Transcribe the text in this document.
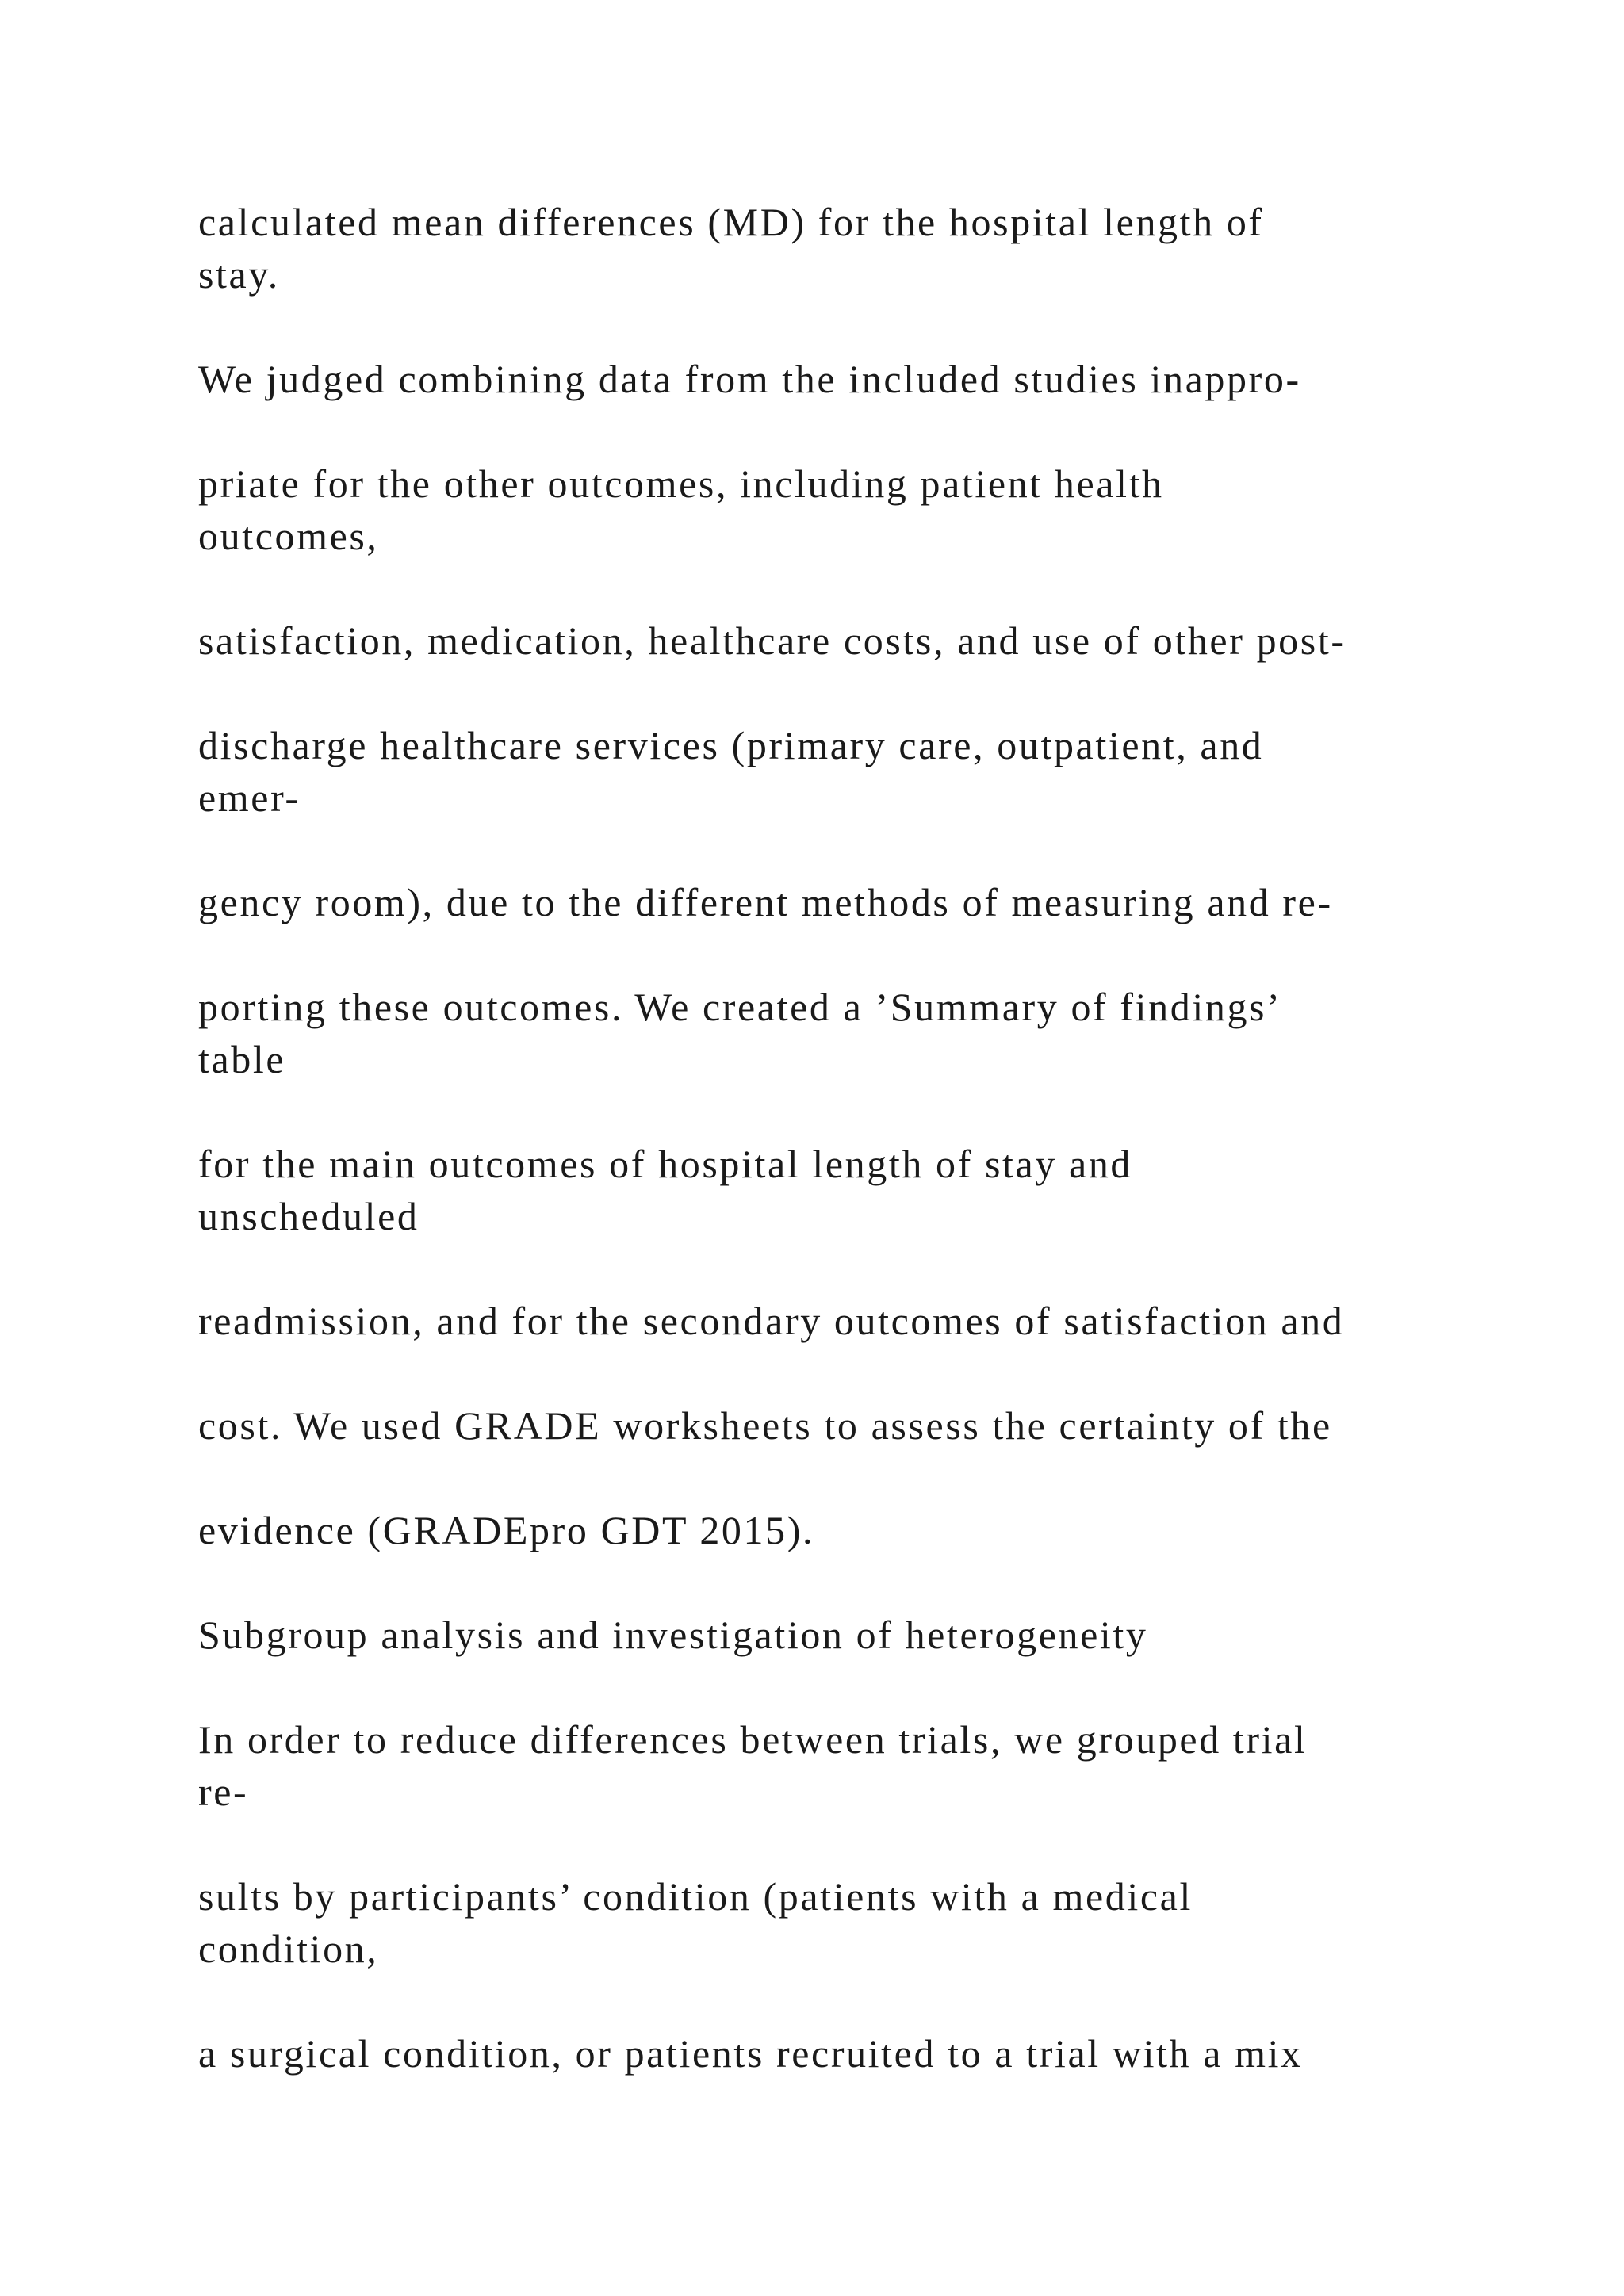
calculated mean differences (MD) for the hospital length of

stay.

We judged combining data from the included studies inappro-

priate for the other outcomes, including patient health

outcomes,

satisfaction, medication, healthcare costs, and use of other post-

discharge healthcare services (primary care, outpatient, and

emer-

gency room), due to the different methods of measuring and re-

porting these outcomes. We created a ’Summary of findings’

table

for the main outcomes of hospital length of stay and

unscheduled

readmission, and for the secondary outcomes of satisfaction and

cost. We used GRADE worksheets to assess the certainty of the

evidence (GRADEpro GDT 2015).

Subgroup analysis and investigation of heterogeneity

In order to reduce differences between trials, we grouped trial

re-

sults by participants’ condition (patients with a medical

condition,

a surgical condition, or patients recruited to a trial with a mix
